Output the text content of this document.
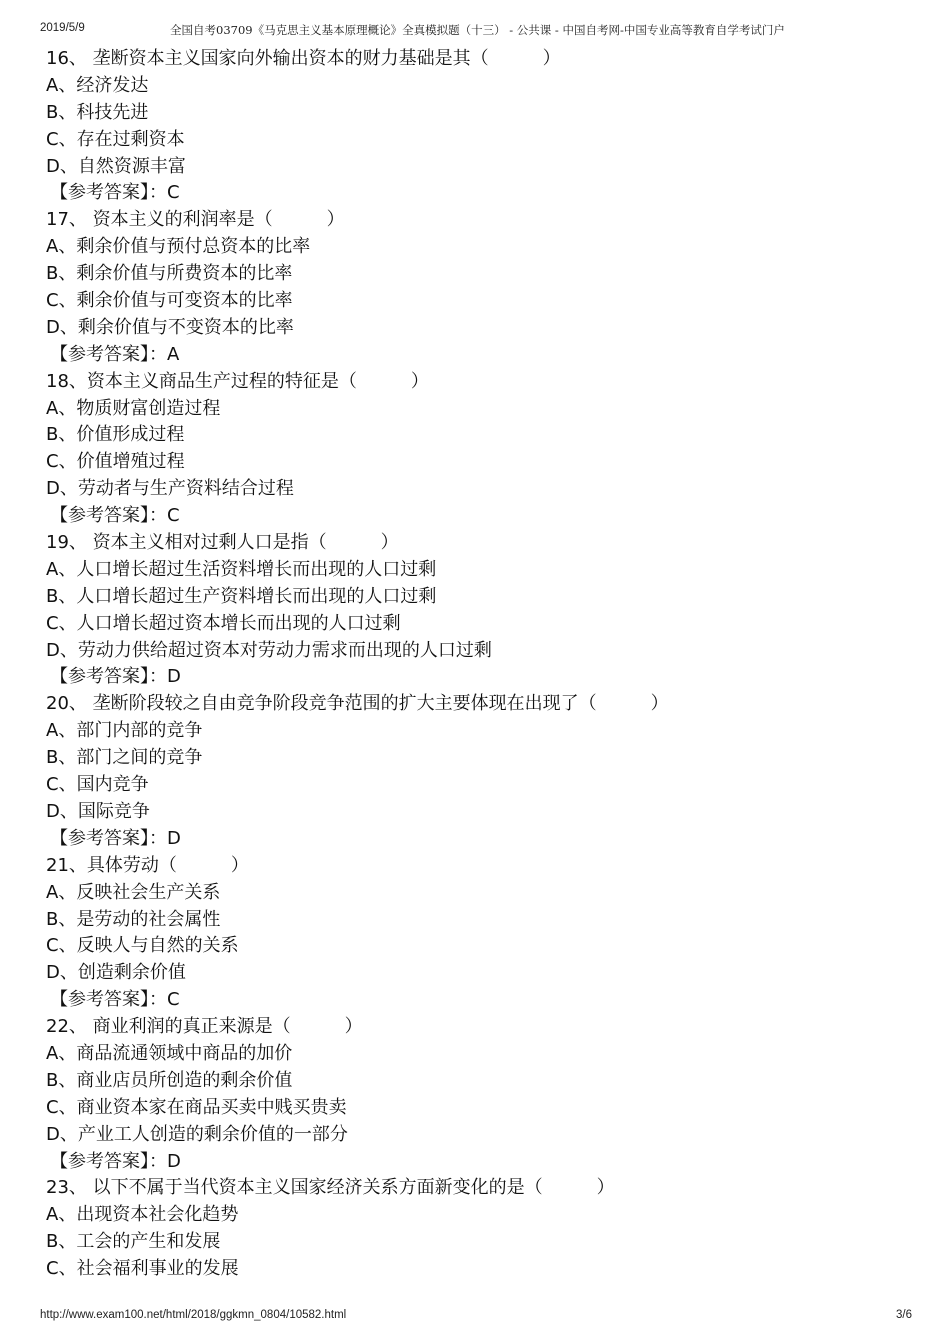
2019/5/9	全国自考03709《马克思主义基本原理概论》全真模拟题（十三） - 公共课 - 中国自考网-中国专业高等教育自学考试门户
16、 垄断资本主义国家向外输出资本的财力基础是其（　　　）
A、经济发达
B、科技先进
C、存在过剩资本
D、自然资源丰富
【参考答案】：C
17、 资本主义的利润率是（　　　）
A、剩余价值与预付总资本的比率
B、剩余价值与所费资本的比率
C、剩余价值与可变资本的比率
D、剩余价值与不变资本的比率
【参考答案】：A
18、资本主义商品生产过程的特征是（　　　）
A、物质财富创造过程
B、价值形成过程
C、价值增殖过程
D、劳动者与生产资料结合过程
【参考答案】：C
19、 资本主义相对过剩人口是指（　　　）
A、人口增长超过生活资料增长而出现的人口过剩
B、人口增长超过生产资料增长而出现的人口过剩
C、人口增长超过资本增长而出现的人口过剩
D、劳动力供给超过资本对劳动力需求而出现的人口过剩
【参考答案】：D
20、 垄断阶段较之自由竞争阶段竞争范围的扩大主要体现在出现了（　　　）
A、部门内部的竞争
B、部门之间的竞争
C、国内竞争
D、国际竞争
【参考答案】：D
21、具体劳动（　　　）
A、反映社会生产关系
B、是劳动的社会属性
C、反映人与自然的关系
D、创造剩余价值
【参考答案】：C
22、 商业利润的真正来源是（　　　）
A、商品流通领域中商品的加价
B、商业店员所创造的剩余价值
C、商业资本家在商品买卖中贱买贵卖
D、产业工人创造的剩余价值的一部分
【参考答案】：D
23、 以下不属于当代资本主义国家经济关系方面新变化的是（　　　）
A、出现资本社会化趋势
B、工会的产生和发展
C、社会福利事业的发展
http://www.exam100.net/html/2018/ggkmn_0804/10582.html	3/6
